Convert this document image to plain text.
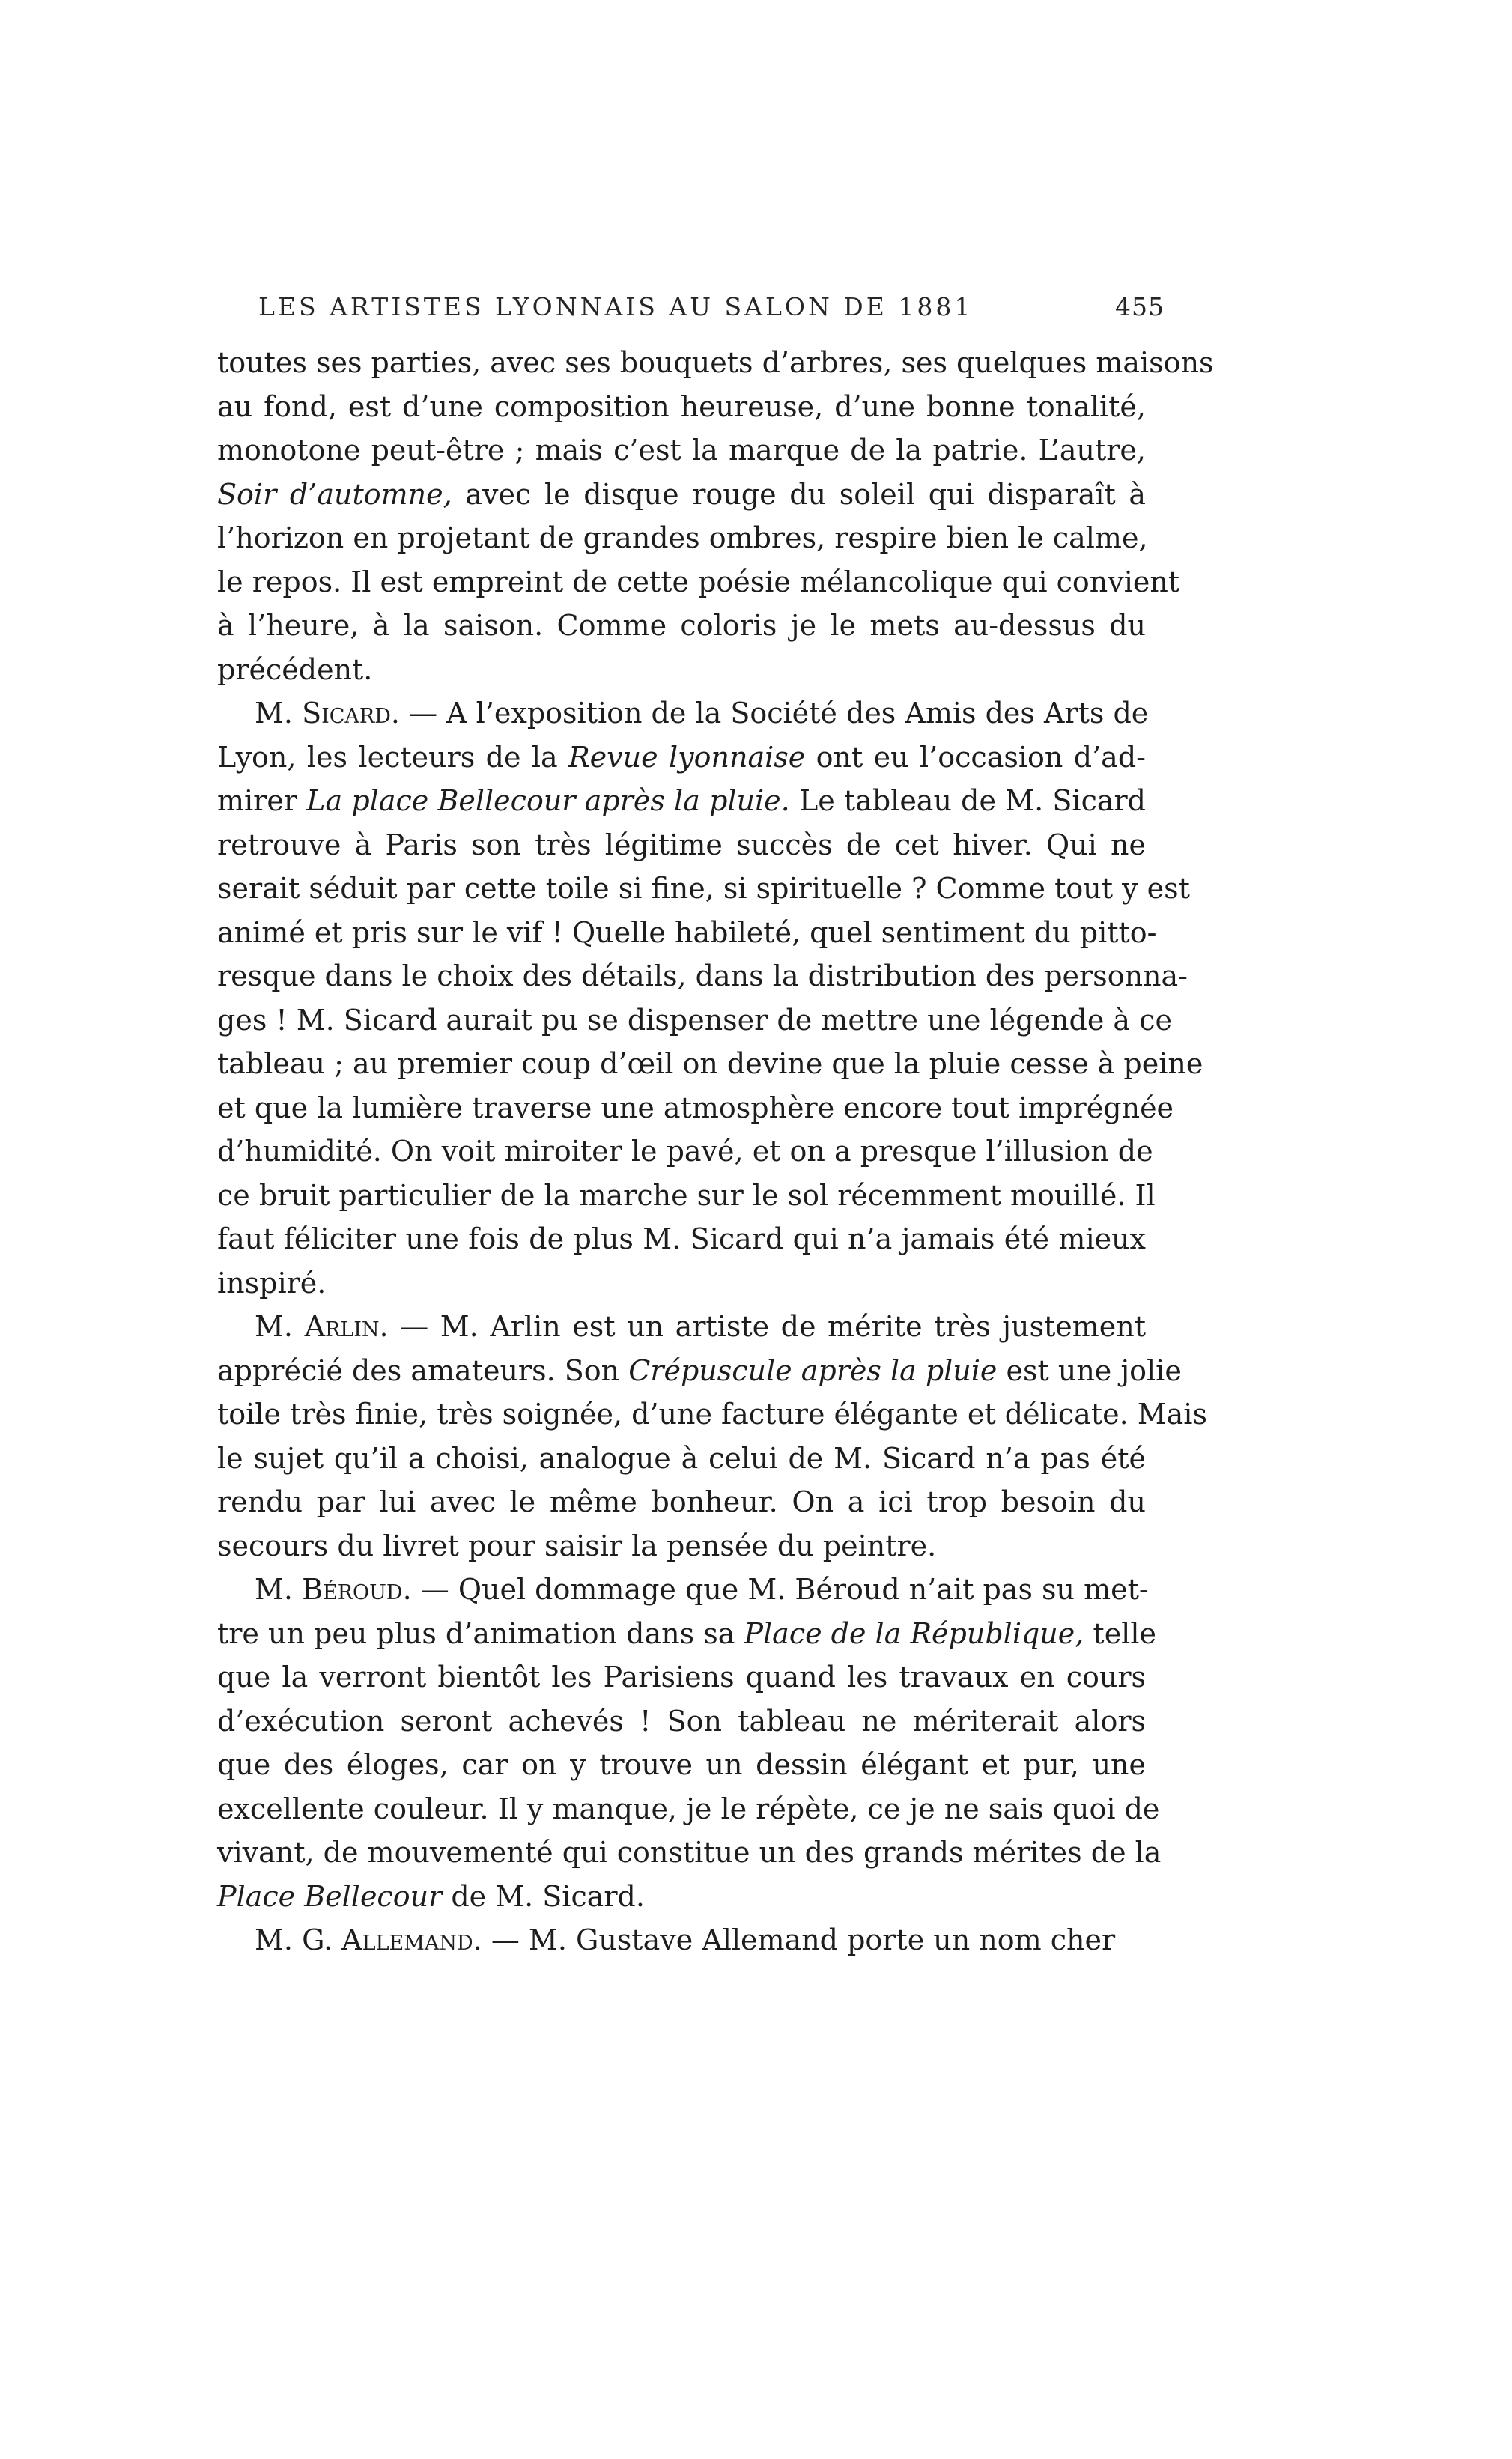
LES ARTISTES LYONNAIS AU SALON DE 1881	455
toutes ses parties, avec ses bouquets d’arbres, ses quelques maisons
au fond, est d’une composition heureuse, d’une bonne tonalité,
monotone peut-être ; mais c’est la marque de la patrie. L’autre,
Soir d’automne, avec le disque rouge du soleil qui disparaît à
l’horizon en projetant de grandes ombres, respire bien le calme,
le repos. Il est empreint de cette poésie mélancolique qui convient
à l’heure, à la saison. Comme coloris je le mets au-dessus du
précédent.
M. Sicard. — A l’exposition de la Société des Amis des Arts de
Lyon, les lecteurs de la Revue lyonnaise ont eu l’occasion d’ad-
mirer La place Bellecour après la pluie. Le tableau de M. Sicard
retrouve à Paris son très légitime succès de cet hiver. Qui ne
serait séduit par cette toile si fine, si spirituelle ? Comme tout y est
animé et pris sur le vif ! Quelle habileté, quel sentiment du pitto-
resque dans le choix des détails, dans la distribution des personna-
ges ! M. Sicard aurait pu se dispenser de mettre une légende à ce
tableau ; au premier coup d’œil on devine que la pluie cesse à peine
et que la lumière traverse une atmosphère encore tout imprégnée
d’humidité. On voit miroiter le pavé, et on a presque l’illusion de
ce bruit particulier de la marche sur le sol récemment mouillé. Il
faut féliciter une fois de plus M. Sicard qui n’a jamais été mieux
inspiré.
M. Arlin. — M. Arlin est un artiste de mérite très justement
apprécié des amateurs. Son Crépuscule après la pluie est une jolie
toile très finie, très soignée, d’une facture élégante et délicate. Mais
le sujet qu’il a choisi, analogue à celui de M. Sicard n’a pas été
rendu par lui avec le même bonheur. On a ici trop besoin du
secours du livret pour saisir la pensée du peintre.
M. Béroud. — Quel dommage que M. Béroud n’ait pas su met-
tre un peu plus d’animation dans sa Place de la République, telle
que la verront bientôt les Parisiens quand les travaux en cours
d’exécution seront achevés ! Son tableau ne mériterait alors
que des éloges, car on y trouve un dessin élégant et pur, une
excellente couleur. Il y manque, je le répète, ce je ne sais quoi de
vivant, de mouvementé qui constitue un des grands mérites de la
Place Bellecour de M. Sicard.
M. G. Allemand. — M. Gustave Allemand porte un nom cher
